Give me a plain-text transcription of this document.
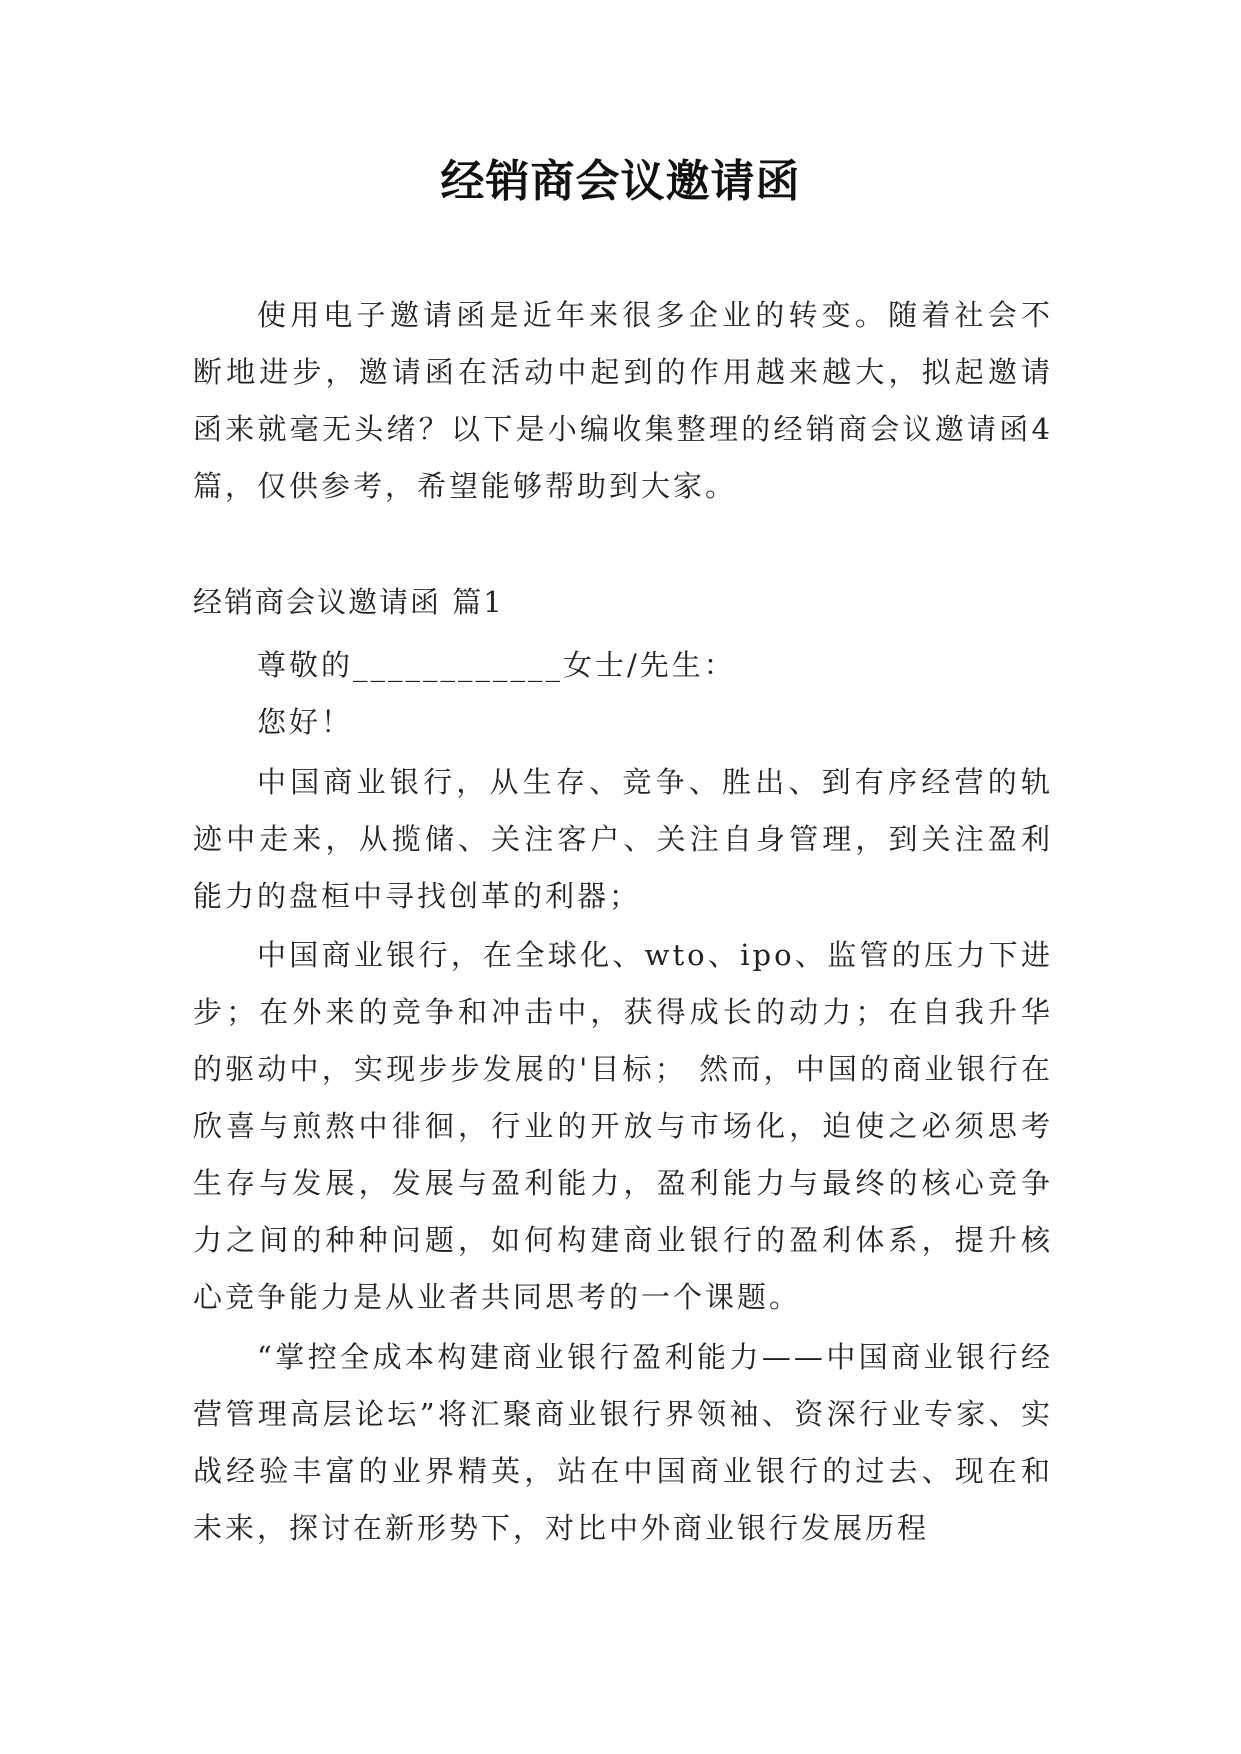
经销商会议邀请函

使用电子邀请函是近年来很多企业的转变。随着社会不断地进步，邀请函在活动中起到的作用越来越大，拟起邀请函来就毫无头绪？以下是小编收集整理的经销商会议邀请函4篇，仅供参考，希望能够帮助到大家。

经销商会议邀请函 篇1

尊敬的____________女士/先生：

您好！

中国商业银行，从生存、竞争、胜出、到有序经营的轨迹中走来，从揽储、关注客户、关注自身管理，到关注盈利能力的盘桓中寻找创革的利器；

中国商业银行，在全球化、wto、ipo、监管的压力下进步；在外来的竞争和冲击中，获得成长的动力；在自我升华的驱动中，实现步步发展的'目标； 然而，中国的商业银行在欣喜与煎熬中徘徊，行业的开放与市场化，迫使之必须思考生存与发展，发展与盈利能力，盈利能力与最终的核心竞争力之间的种种问题，如何构建商业银行的盈利体系，提升核心竞争能力是从业者共同思考的一个课题。

“掌控全成本构建商业银行盈利能力——中国商业银行经营管理高层论坛”将汇聚商业银行界领袖、资深行业专家、实战经验丰富的业界精英，站在中国商业银行的过去、现在和未来，探讨在新形势下，对比中外商业银行发展历程
